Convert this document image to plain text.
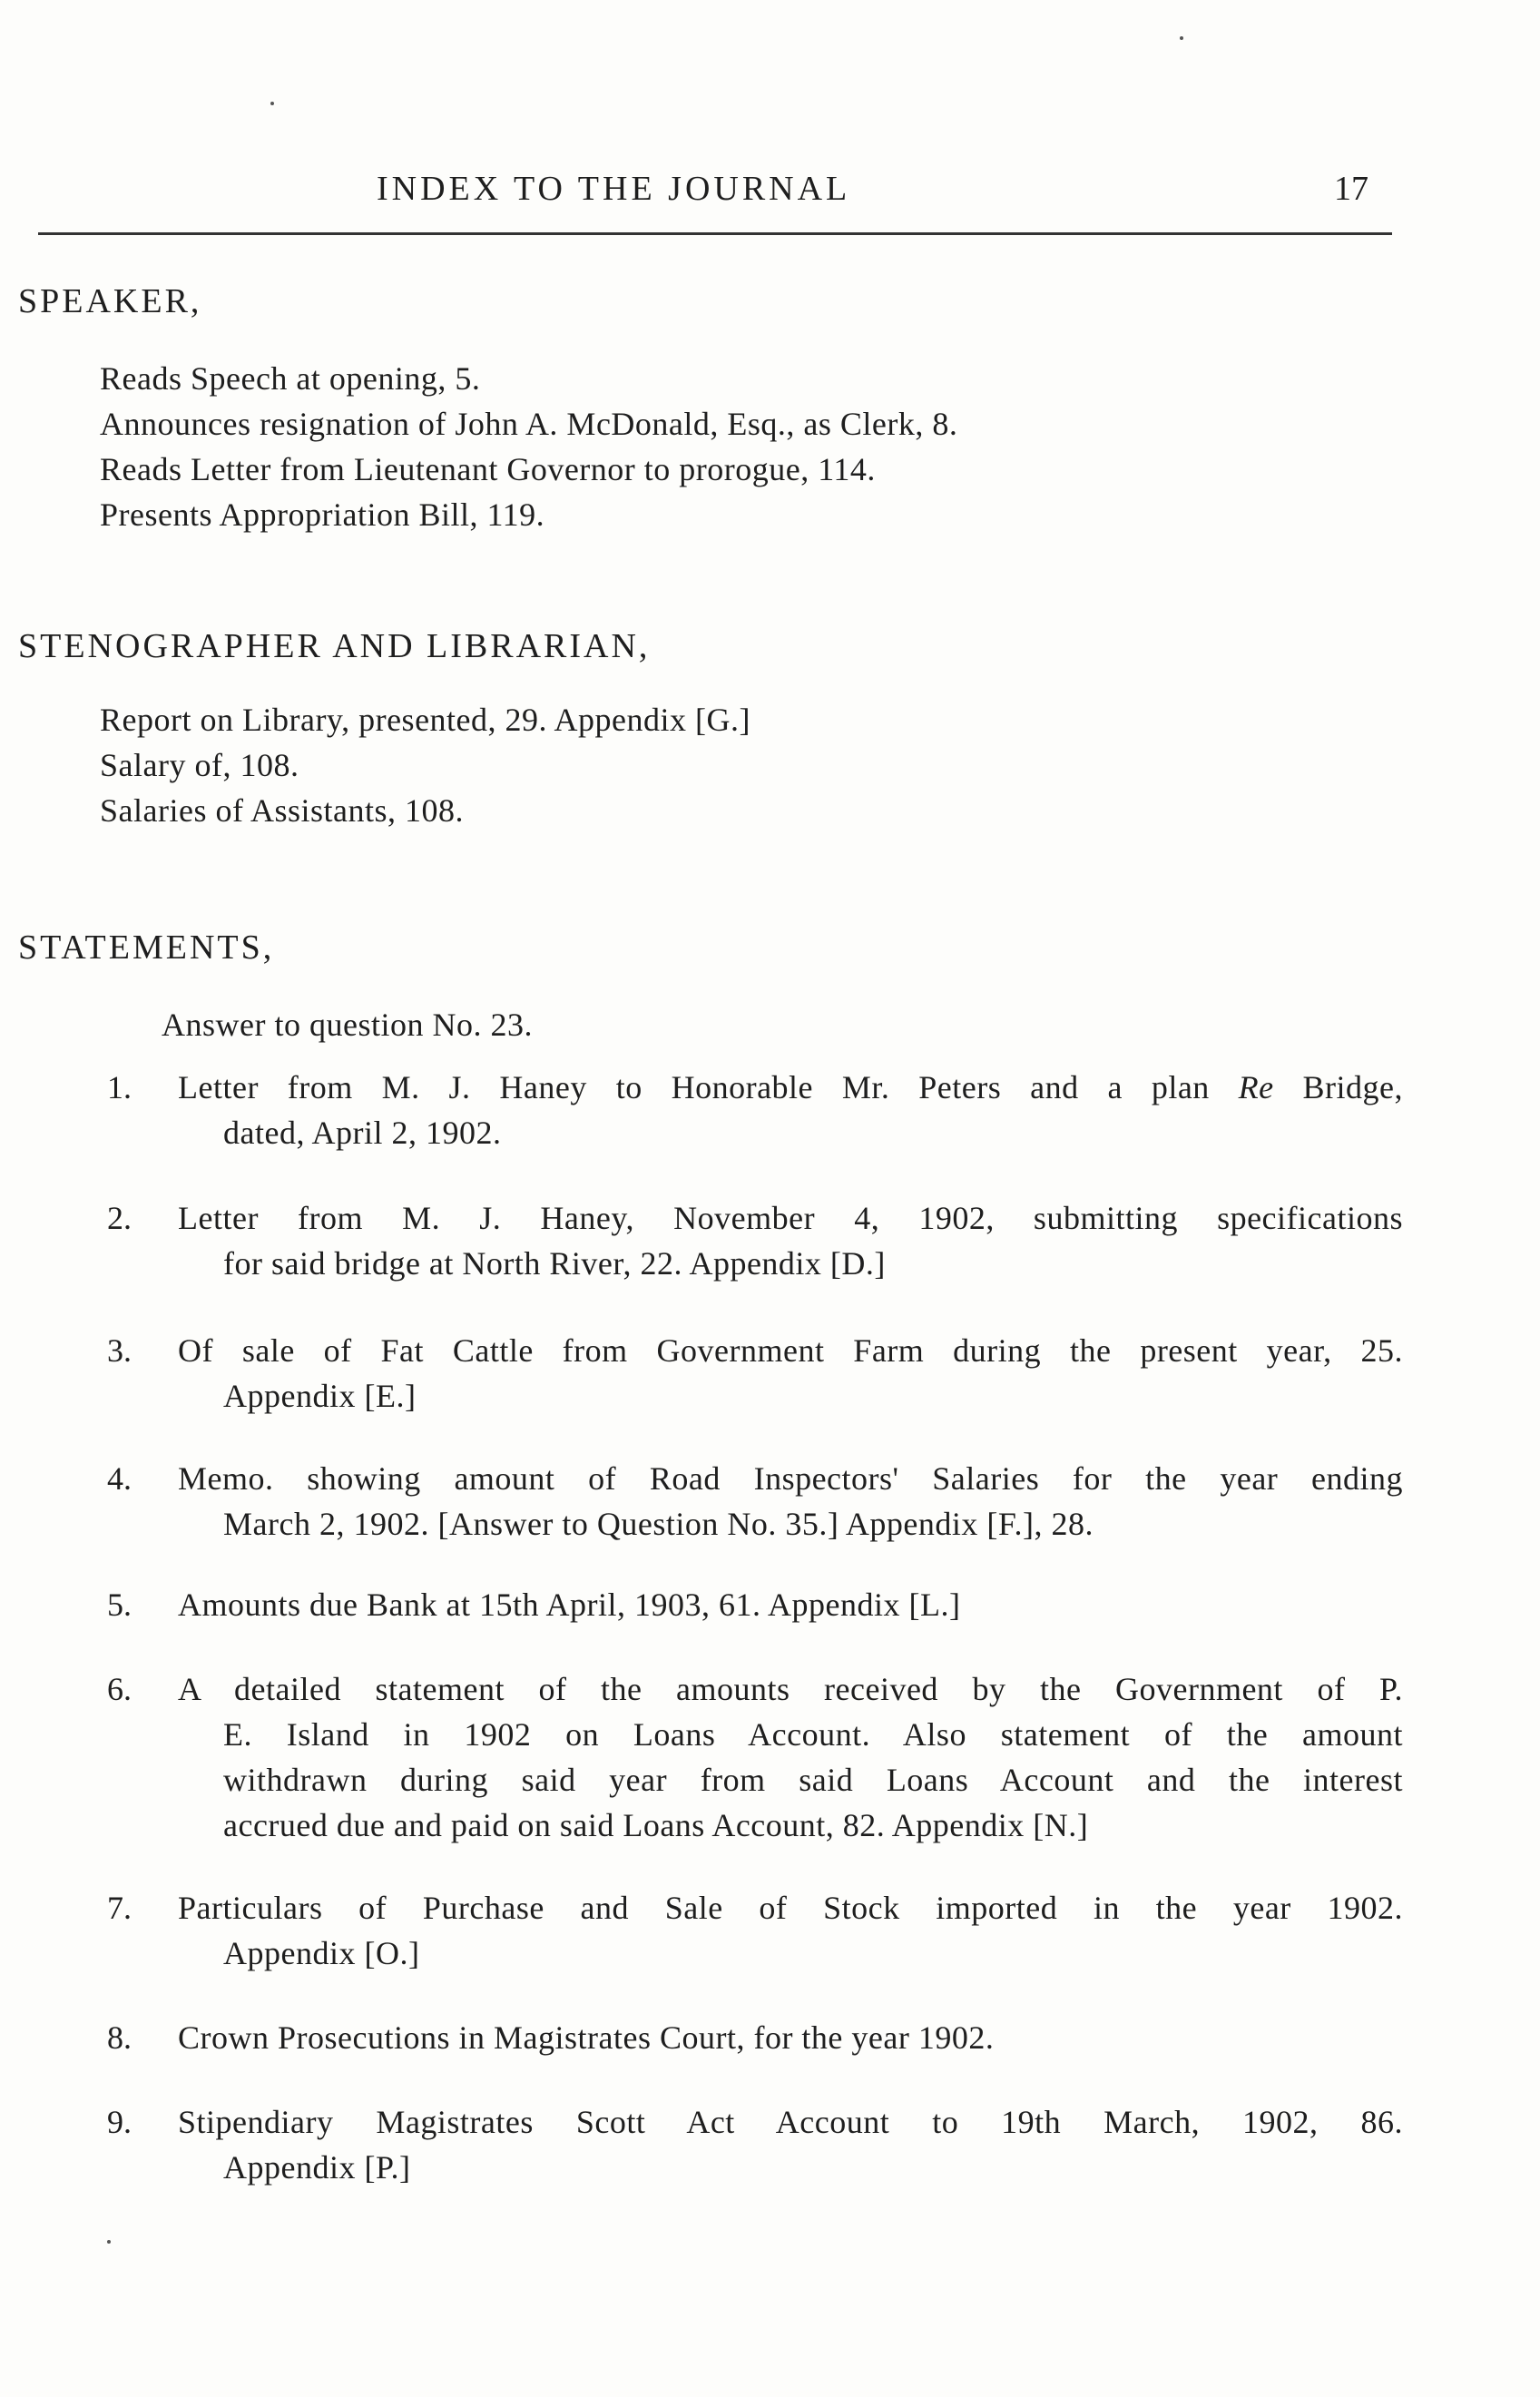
INDEX TO THE JOURNAL	17
SPEAKER,
Reads Speech at opening, 5.
Announces resignation of John A. McDonald, Esq., as Clerk, 8.
Reads Letter from Lieutenant Governor to prorogue, 114.
Presents Appropriation Bill, 119.
STENOGRAPHER AND LIBRARIAN,
Report on Library, presented, 29. Appendix [G.]
Salary of, 108.
Salaries of Assistants, 108.
STATEMENTS,
Answer to question No. 23.
1. Letter from M. J. Haney to Honorable Mr. Peters and a plan Re Bridge,
dated, April 2, 1902.
2. Letter from M. J. Haney, November 4, 1902, submitting specifications
for said bridge at North River, 22. Appendix [D.]
3. Of sale of Fat Cattle from Government Farm during the present year, 25.
Appendix [E.]
4. Memo. showing amount of Road Inspectors' Salaries for the year ending
March 2, 1902. [Answer to Question No. 35.] Appendix [F.], 28.
5. Amounts due Bank at 15th April, 1903, 61. Appendix [L.]
6. A detailed statement of the amounts received by the Government of P.
E. Island in 1902 on Loans Account. Also statement of the amount
withdrawn during said year from said Loans Account and the interest
accrued due and paid on said Loans Account, 82. Appendix [N.]
7. Particulars of Purchase and Sale of Stock imported in the year 1902.
Appendix [O.]
8. Crown Prosecutions in Magistrates Court, for the year 1902.
9. Stipendiary Magistrates Scott Act Account to 19th March, 1902, 86.
Appendix [P.]
